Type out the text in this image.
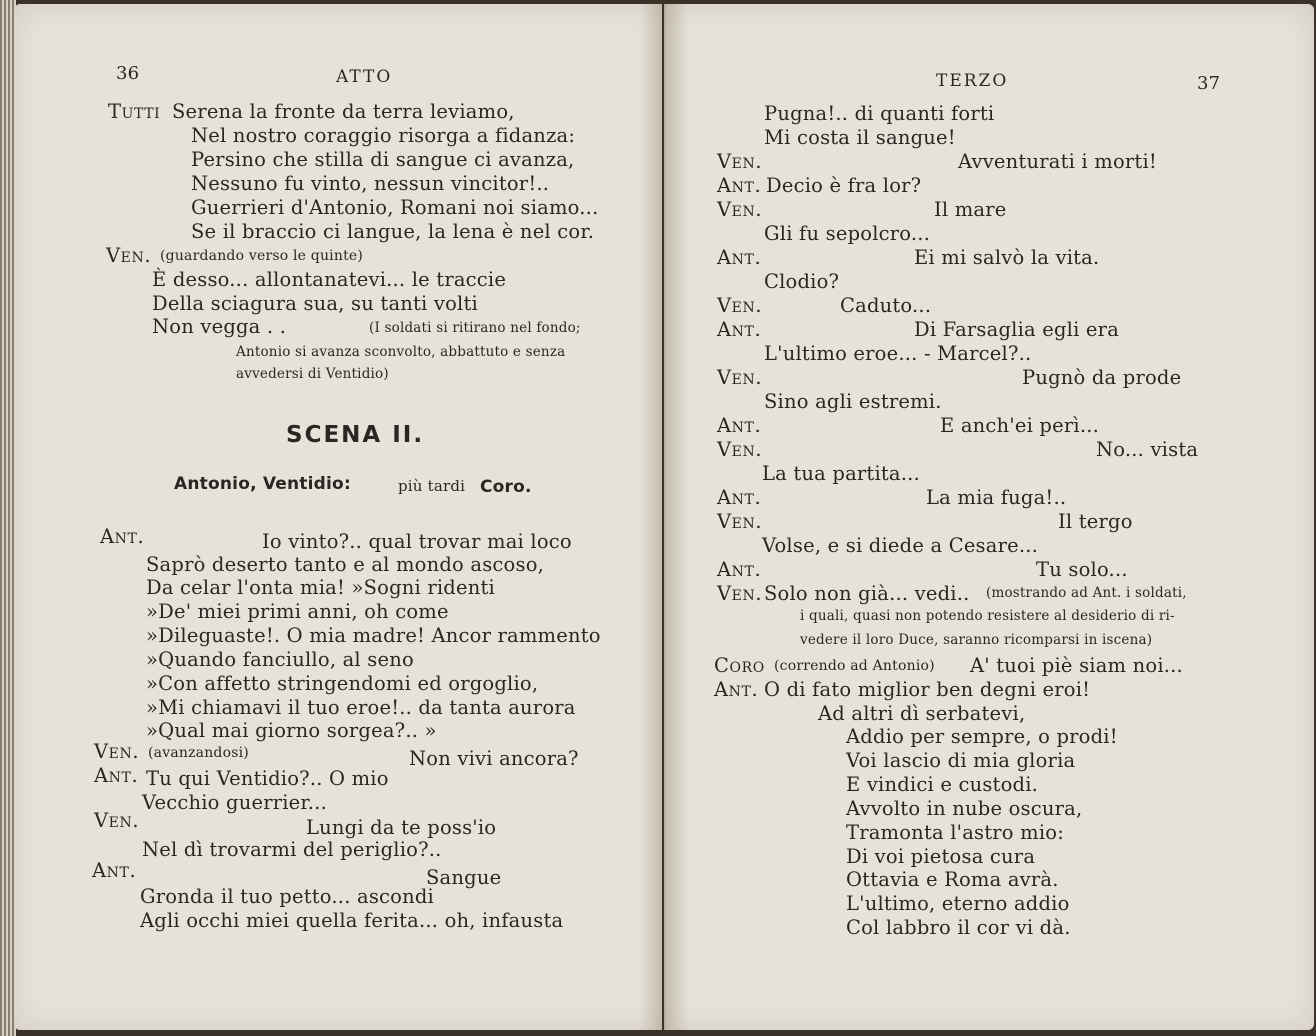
36	ATTO
Tutti Serena la fronte da terra leviamo,
Nel nostro coraggio risorga a fidanza:
Persino che stilla di sangue ci avanza,
Nessuno fu vinto, nessun vincitor!..
Guerrieri d'Antonio, Romani noi siamo...
Se il braccio ci langue, la lena è nel cor.
Ven. (guardando verso le quinte)
È desso... allontanatevi... le traccie
Della sciagura sua, su tanti volti
Non vegga . .	(I soldati si ritirano nel fondo;
Antonio si avanza sconvolto, abbattuto e senza
avvedersi di Ventidio)
SCENA II.
Antonio, Ventidio:	più tardi Coro.
Ant.	Io vinto?.. qual trovar mai loco
Saprò deserto tanto e al mondo ascoso,
Da celar l'onta mia! »Sogni ridenti
»De' miei primi anni, oh come
»Dileguaste!. O mia madre! Ancor rammento
»Quando fanciullo, al seno
»Con affetto stringendomi ed orgoglio,
»Mi chiamavi il tuo eroe!.. da tanta aurora
»Qual mai giorno sorgea?.. »
Ven. (avanzandosi)	Non vivi ancora?
Ant. Tu qui Ventidio?.. O mio
Vecchio guerrier...
Ven.	Lungi da te poss'io
Nel dì trovarmi del periglio?..
Ant.	Sangue
Gronda il tuo petto... ascondi
Agli occhi miei quella ferita... oh, infausta
TERZO	37
Pugna!.. di quanti forti
Mi costa il sangue!
Ven.	Avventurati i morti!
Ant. Decio è fra lor?
Ven.	Il mare
Gli fu sepolcro...
Ant.	Ei mi salvò la vita.
Clodio?
Ven.	Caduto...
Ant.	Di Farsaglia egli era
L'ultimo eroe... - Marcel?..
Ven.	Pugnò da prode
Sino agli estremi.
Ant.	E anch'ei perì...
Ven.	No... vista
La tua partita...
Ant.	La mia fuga!..
Ven.	Il tergo
Volse, e si diede a Cesare...
Ant.	Tu solo...
Ven. Solo non già... vedi.. (mostrando ad Ant. i soldati,
i quali, quasi non potendo resistere al desiderio di ri-
vedere il loro Duce, saranno ricomparsi in iscena)
Coro (correndo ad Antonio) A' tuoi piè siam noi...
Ant. O di fato miglior ben degni eroi!
Ad altri dì serbatevi,
Addio per sempre, o prodi!
Voi lascio di mia gloria
E vindici e custodi.
Avvolto in nube oscura,
Tramonta l'astro mio:
Di voi pietosa cura
Ottavia e Roma avrà.
L'ultimo, eterno addio
Col labbro il cor vi dà.
